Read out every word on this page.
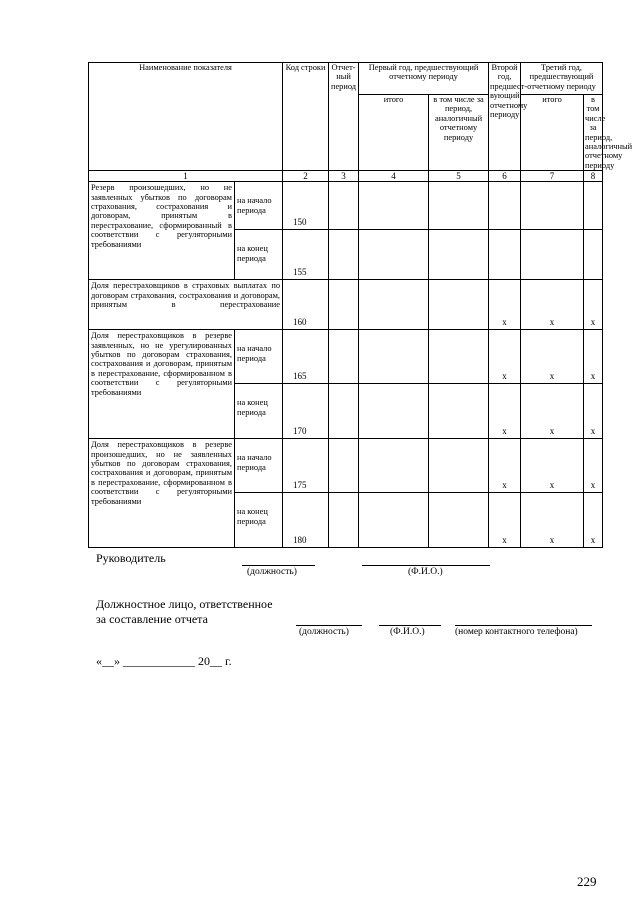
Наименование показателя		Код строки	Отчет-ный период	Первый год, предшествующий отчетному периоду		Второй год, предшест-вующий отчетному периоду	Третий год, предшествующий отчетному периоду	
				итого	в том числе за период, аналогичный отчетному периоду		итого	в том числе за период, аналогичный отчетному периоду
1		2	3	4	5	6	7	8
Резерв произошедших, но не заявленных убытков по договорам страхования, сострахования и договорам, принятым в перестрахование, сформированный в соответствии с регуляторными требованиями	на начало периода	150						
	на конец периода	155						
Доля перестраховщиков в страховых выплатах по договорам страхования, сострахования и договорам, принятым в перестрахование		160				x	x	x
Доля перестраховщиков в резерве заявленных, но не урегулированных убытков по договорам страхования, сострахования и договорам, принятым в перестрахование, сформированном в соответствии с регуляторными требованиями	на начало периода	165				x	x	x
	на конец периода	170				x	x	x
Доля перестраховщиков в резерве произошедших, но не заявленных убытков по договорам страхования, сострахования и договорам, принятым в перестрахование, сформированном в соответствии с регуляторными требованиями	на начало периода	175				x	x	x
	на конец периода	180				x	x	x
Руководитель
(должность)	(Ф.И.О.)
Должностное лицо, ответственное
за составление отчета
(должность)	(Ф.И.О.)	(номер контактного телефона)
«__» ____________ 20__ г.
229
